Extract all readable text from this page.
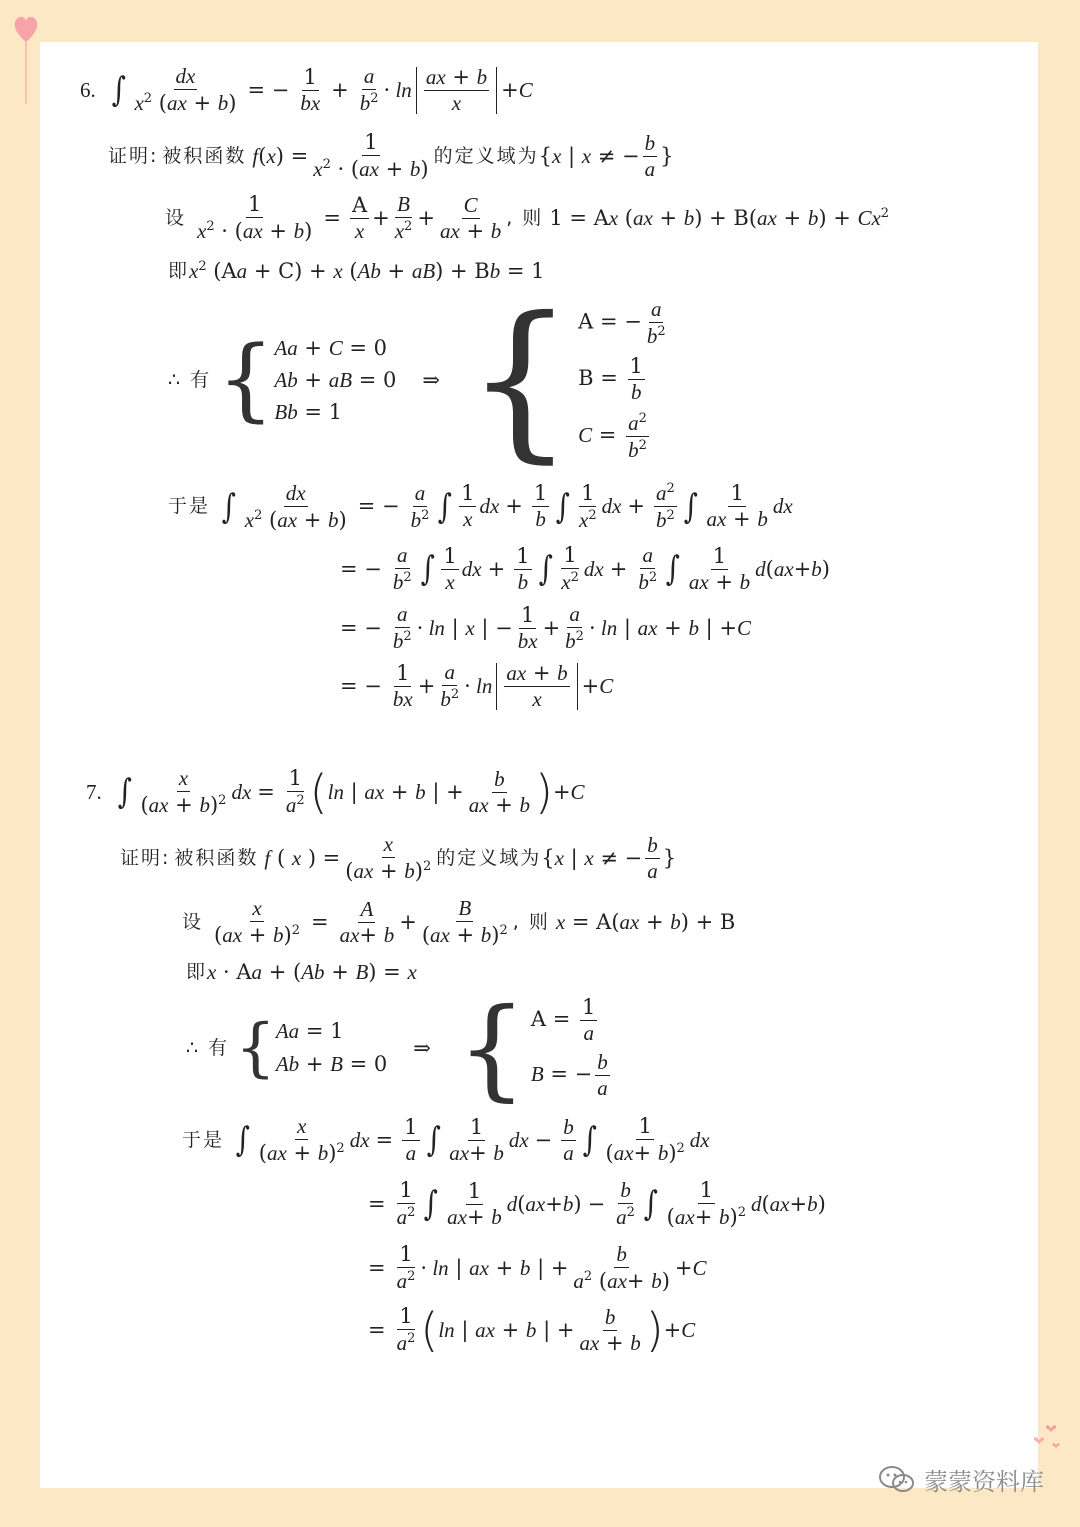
6. ∫ $\frac{dx}{x^2 (ax + b)}$ = − $\frac{1}{bx} + \frac{a}{b^2} \cdot \ln \frac{ax + b}{x} +C$
证明: 被积函数 $f(x) = \frac{1}{x^2 \cdot (ax + b)}$ 的定义域为 {x | x ≠ − $\frac{b}{a}$ }
设 $\frac{1}{x^2 \cdot (ax + b)} = \frac{A}{x} + \frac{B}{x^2} + \frac{C}{ax + b}$ , 则 1 = Ax $(ax + b) + B(ax + b) + Cx^2$
即 $x^2$ (Aa + C) + x (Ab + aB) + Bb = 1
∴ 有 { Aa + C = 0
Ab + aB = 0
Bb = 1
⇒ { A = − $\frac{a}{b^2}$
$B = \frac{1}{b}$
$C = \frac{a^2}{b^2}$
于是 ∫ $\frac{dx}{x^2 (ax + b)}$ = − $\frac{a}{b^2}$ ∫ $\frac{1}{x}$ dx + $\frac{1}{b}$ ∫ $\frac{1}{x^2}$ dx + $\frac{a^2}{b^2}$ ∫ $\frac{1}{ax + b}$ dx
= − $\frac{a}{b^2}$ ∫ $\frac{1}{x}$ dx + $\frac{1}{b}$ ∫ $\frac{1}{x^2}$ dx + $\frac{a}{b^2}$ ∫ $\frac{1}{ax + b}$ d ( ax + b )
= − $\frac{a}{b^2} \cdot \ln$ | x | − $\frac{1}{bx} + \frac{a}{b^2} \cdot \ln$ | ax + b | +C
= − $\frac{1}{bx} + \frac{a}{b^2} \cdot \ln \frac{ax + b}{x} +C$
7. ∫ $\frac{x}{(ax + b)^2}$ dx = $\frac{1}{a^2}$ ( ln | ax + b | + $\frac{b}{ax + b}$ ) +C
证明: 被积函数 f ( x ) = $\frac{x}{(ax + b)^2}$ 的定义域为 {x | x ≠ − $\frac{b}{a}$ }
设 $\frac{x}{(ax + b)^2} = \frac{A}{ax+ b} + \frac{B}{(ax + b)^2}$ , 则 x = A(ax + b) + B
即 x · Aa + (Ab + B) = x
∴ 有 { Aa = 1
Ab + B = 0
⇒ { $A = \frac{1}{a}$
B = − $\frac{b}{a}$
于是 ∫ $\frac{x}{(ax + b)^2}$ dx = $\frac{1}{a}$ ∫ $\frac{1}{ax+ b}$ dx − $\frac{b}{a}$ ∫ $\frac{1}{(ax+ b)^2}$ dx
= $\frac{1}{a^2}$ ∫ $\frac{1}{ax+ b}$ d ( ax + b ) − $\frac{b}{a^2}$ ∫ $\frac{1}{(ax+ b)^2}$ d ( ax + b )
= $\frac{1}{a^2} \cdot \ln$ | ax + b | + $\frac{b}{a^2 (ax+ b)} +C$
= $\frac{1}{a^2}$ ( ln | ax + b | + $\frac{b}{ax + b}$ ) +C
蒙蒙资料库
